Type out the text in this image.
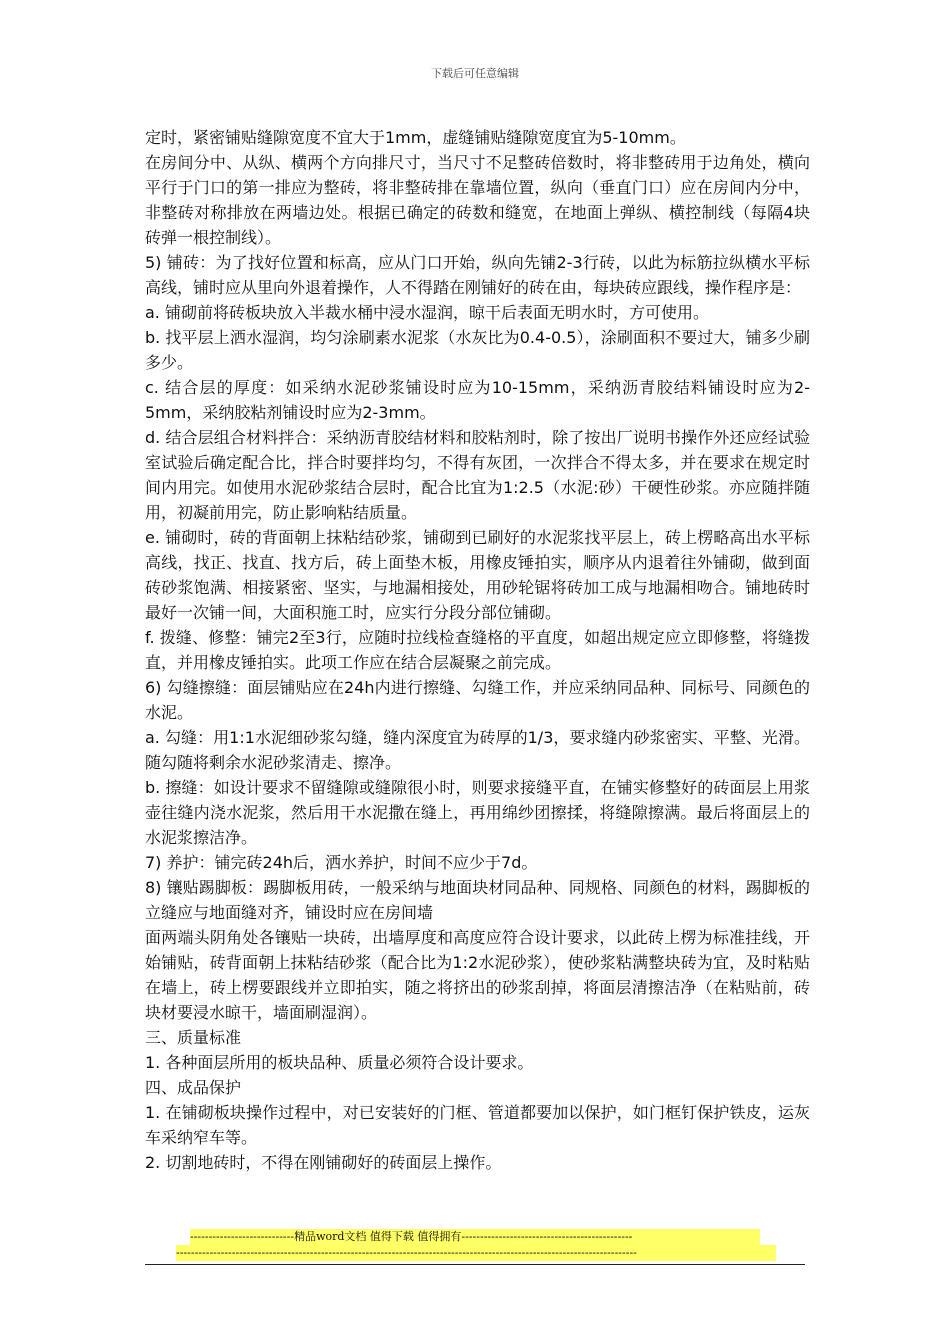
下载后可任意编辑

定时，紧密铺贴缝隙宽度不宜大于1mm，虚缝铺贴缝隙宽度宜为5-10mm。

在房间分中、从纵、横两个方向排尺寸，当尺寸不足整砖倍数时，将非整砖用于边角处，横向平行于门口的第一排应为整砖，将非整砖排在靠墙位置，纵向（垂直门口）应在房间内分中，非整砖对称排放在两墙边处。根据已确定的砖数和缝宽，在地面上弹纵、横控制线（每隔4块砖弹一根控制线）。

5) 铺砖：为了找好位置和标高，应从门口开始，纵向先铺2-3行砖，以此为标筋拉纵横水平标高线，铺时应从里向外退着操作，人不得踏在刚铺好的砖在由，每块砖应跟线，操作程序是：

a. 铺砌前将砖板块放入半裁水桶中浸水湿润，晾干后表面无明水时，方可使用。

b. 找平层上洒水湿润，均匀涂刷素水泥浆（水灰比为0.4-0.5），涂刷面积不要过大，铺多少刷多少。

c. 结合层的厚度：如采纳水泥砂浆铺设时应为10-15mm，采纳沥青胶结料铺设时应为2-5mm，采纳胶粘剂铺设时应为2-3mm。

d. 结合层组合材料拌合：采纳沥青胶结材料和胶粘剂时，除了按出厂说明书操作外还应经试验室试验后确定配合比，拌合时要拌均匀，不得有灰团，一次拌合不得太多，并在要求在规定时间内用完。如使用水泥砂浆结合层时，配合比宜为1:2.5（水泥:砂）干硬性砂浆。亦应随拌随用，初凝前用完，防止影响粘结质量。

e. 铺砌时，砖的背面朝上抹粘结砂浆，铺砌到已刷好的水泥浆找平层上，砖上楞略高出水平标高线，找正、找直、找方后，砖上面垫木板，用橡皮锤拍实，顺序从内退着往外铺砌，做到面砖砂浆饱满、相接紧密、坚实，与地漏相接处，用砂轮锯将砖加工成与地漏相吻合。铺地砖时最好一次铺一间，大面积施工时，应实行分段分部位铺砌。

f. 拨缝、修整：铺完2至3行，应随时拉线检查缝格的平直度，如超出规定应立即修整，将缝拨直，并用橡皮锤拍实。此项工作应在结合层凝聚之前完成。

6) 勾缝擦缝：面层铺贴应在24h内进行擦缝、勾缝工作，并应采纳同品种、同标号、同颜色的水泥。

a. 勾缝：用1:1水泥细砂浆勾缝，缝内深度宜为砖厚的1/3，要求缝内砂浆密实、平整、光滑。随勾随将剩余水泥砂浆清走、擦净。

b. 擦缝：如设计要求不留缝隙或缝隙很小时，则要求接缝平直，在铺实修整好的砖面层上用浆壶往缝内浇水泥浆，然后用干水泥撒在缝上，再用绵纱团擦揉，将缝隙擦满。最后将面层上的水泥浆擦洁净。

7) 养护：铺完砖24h后，洒水养护，时间不应少于7d。

8) 镶贴踢脚板：踢脚板用砖，一般采纳与地面块材同品种、同规格、同颜色的材料，踢脚板的立缝应与地面缝对齐，铺设时应在房间墙

面两端头阴角处各镶贴一块砖，出墙厚度和高度应符合设计要求，以此砖上楞为标准挂线，开始铺贴，砖背面朝上抹粘结砂浆（配合比为1:2水泥砂浆），使砂浆粘满整块砖为宜，及时粘贴在墙上，砖上楞要跟线并立即拍实，随之将挤出的砂浆刮掉，将面层清擦洁净（在粘贴前，砖块材要浸水晾干，墙面刷湿润）。

三、质量标准

1. 各种面层所用的板块品种、质量必须符合设计要求。

四、成品保护

1. 在铺砌板块操作过程中，对已安装好的门框、管道都要加以保护，如门框钉保护铁皮，运灰车采纳窄车等。

2. 切割地砖时，不得在刚铺砌好的砖面层上操作。

----------------------------精品word文档 值得下载 值得拥有----------------------------------------------
----------------------------------------------------------------------------------------------------------------------------
